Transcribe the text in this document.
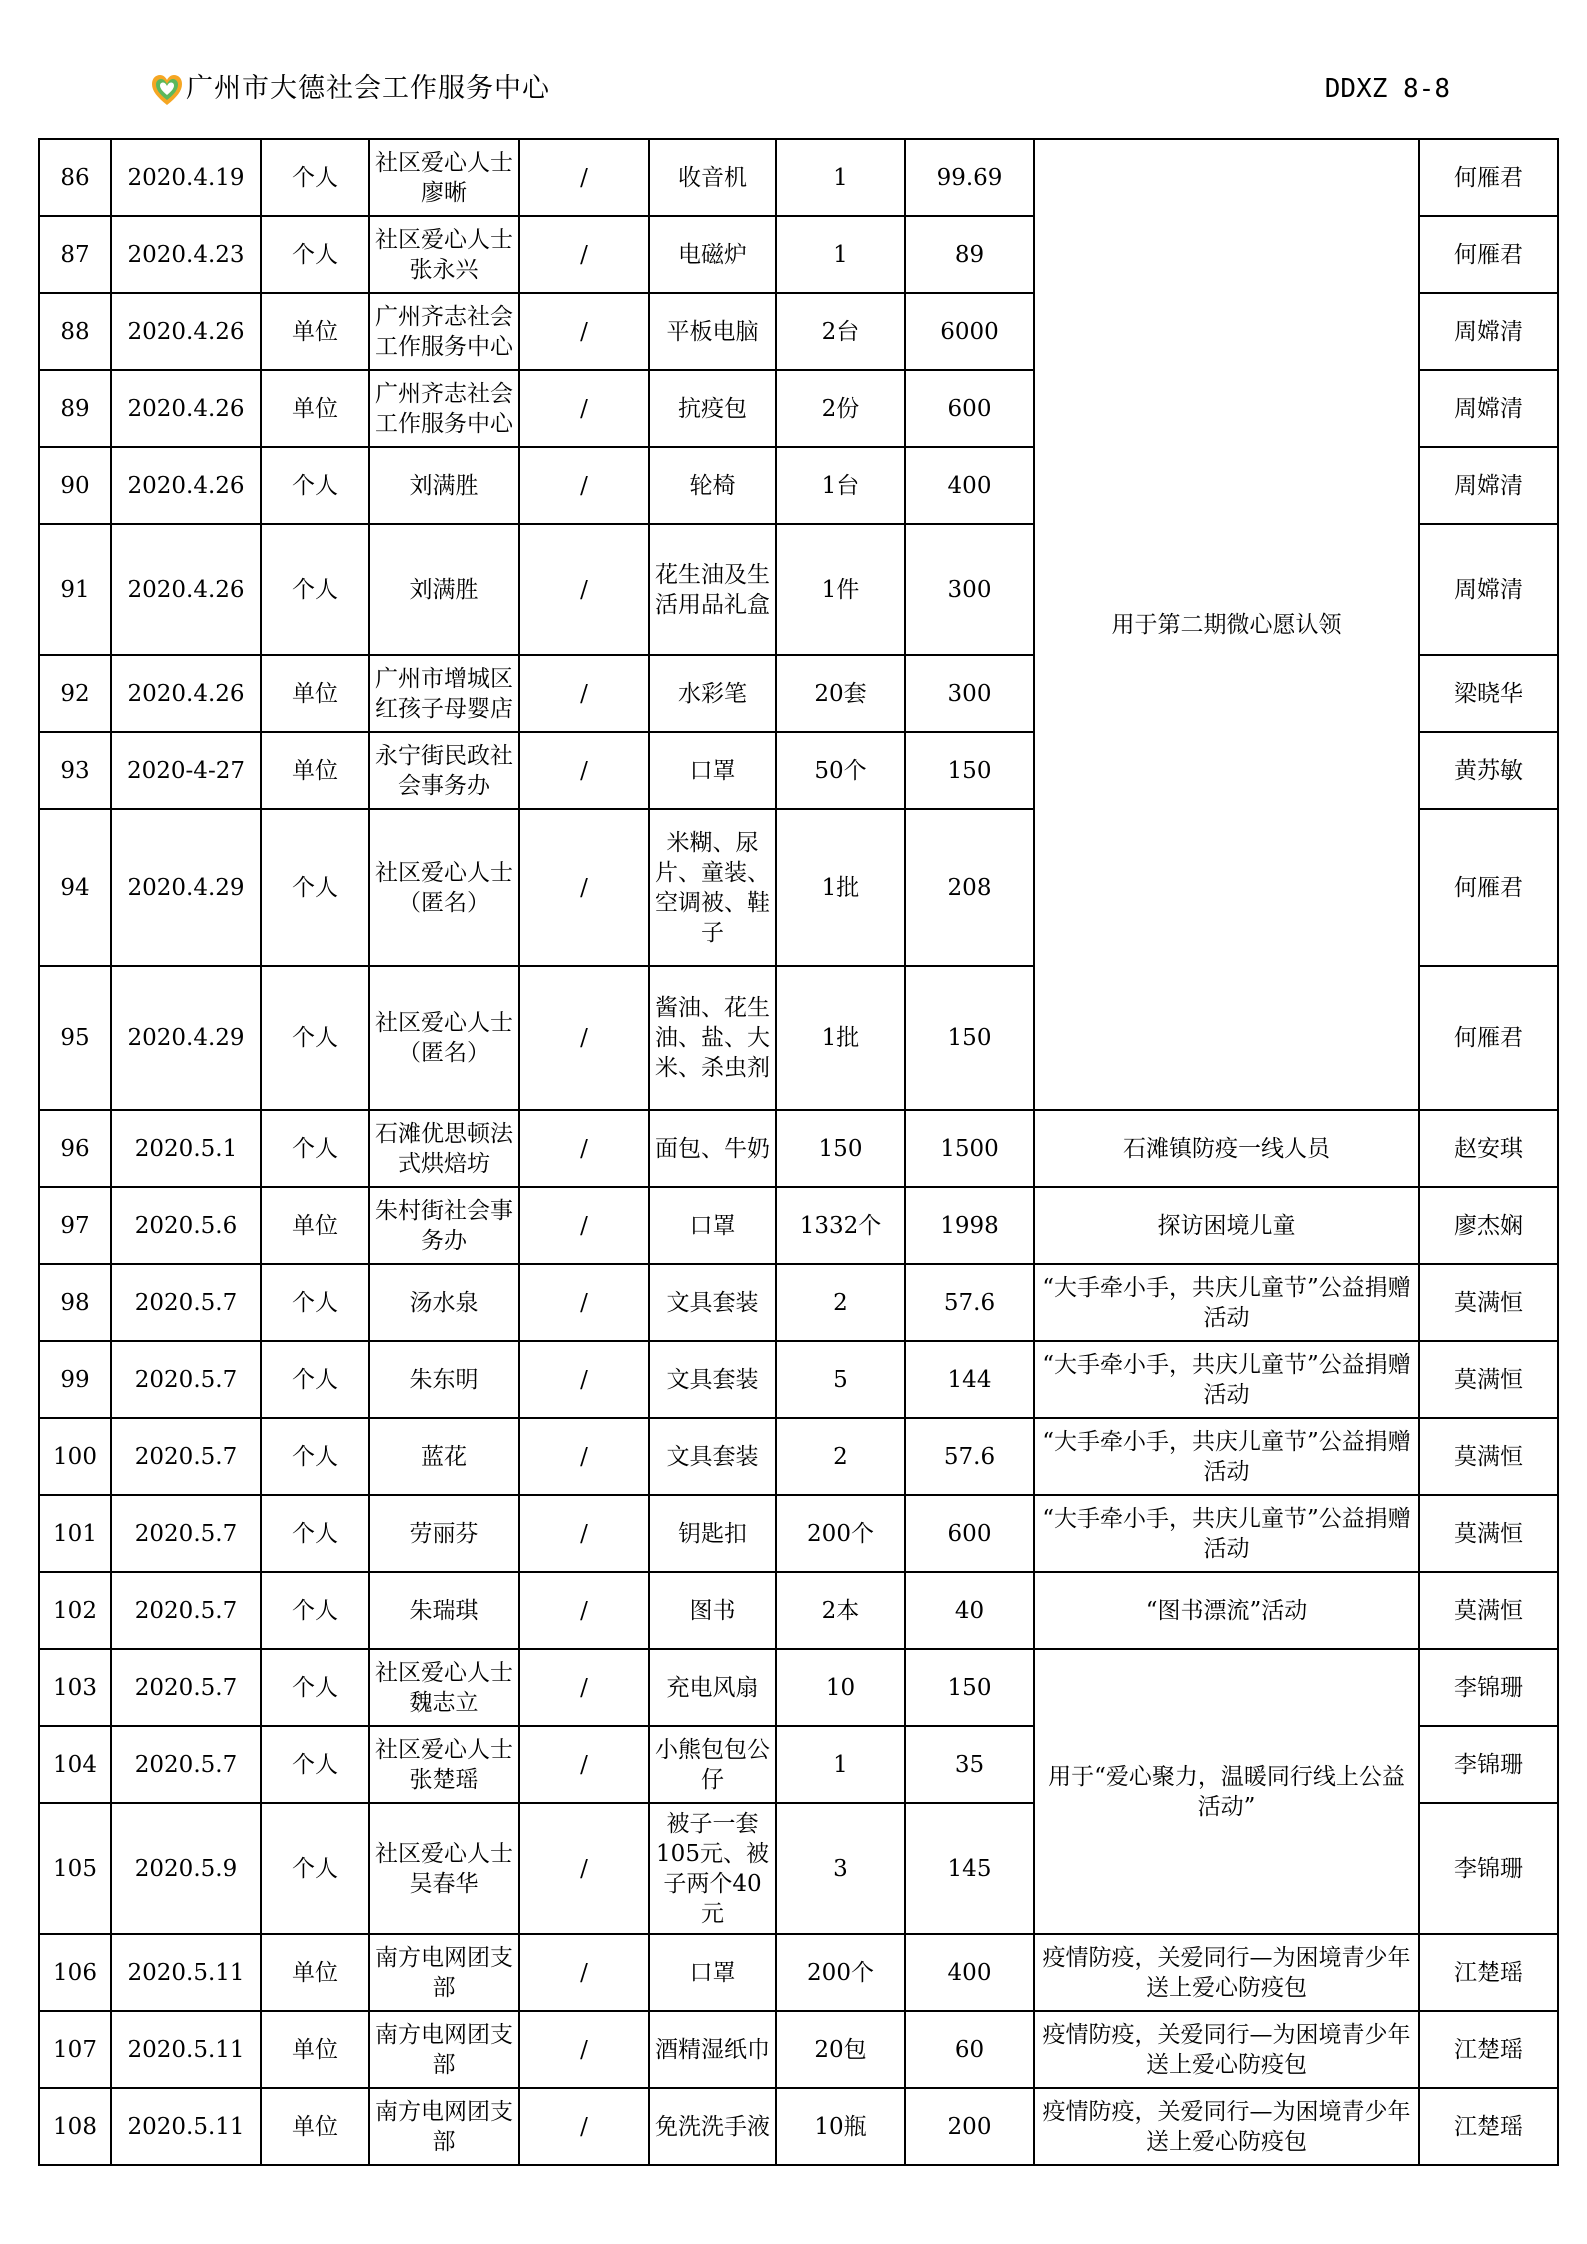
广州市大德社会工作服务中心	DDXZ 8-8
86	2020.4.19	个人	社区爱心人士廖晰	/	收音机	1	99.69	用于第二期微心愿认领	何雁君
87	2020.4.23	个人	社区爱心人士张永兴	/	电磁炉	1	89		何雁君
88	2020.4.26	单位	广州齐志社会工作服务中心	/	平板电脑	2台	6000		周嫦清
89	2020.4.26	单位	广州齐志社会工作服务中心	/	抗疫包	2份	600		周嫦清
90	2020.4.26	个人	刘满胜	/	轮椅	1台	400		周嫦清
91	2020.4.26	个人	刘满胜	/	花生油及生活用品礼盒	1件	300		周嫦清
92	2020.4.26	单位	广州市增城区红孩子母婴店	/	水彩笔	20套	300		梁晓华
93	2020-4-27	单位	永宁街民政社会事务办	/	口罩	50个	150		黄苏敏
94	2020.4.29	个人	社区爱心人士（匿名）	/	米糊、尿片、童装、空调被、鞋子	1批	208		何雁君
95	2020.4.29	个人	社区爱心人士（匿名）	/	酱油、花生油、盐、大米、杀虫剂	1批	150		何雁君
96	2020.5.1	个人	石滩优思顿法式烘焙坊	/	面包、牛奶	150	1500	石滩镇防疫一线人员	赵安琪
97	2020.5.6	单位	朱村街社会事务办	/	口罩	1332个	1998	探访困境儿童	廖杰娴
98	2020.5.7	个人	汤水泉	/	文具套装	2	57.6	“大手牵小手，共庆儿童节”公益捐赠活动	莫满恒
99	2020.5.7	个人	朱东明	/	文具套装	5	144	“大手牵小手，共庆儿童节”公益捐赠活动	莫满恒
100	2020.5.7	个人	蓝花	/	文具套装	2	57.6	“大手牵小手，共庆儿童节”公益捐赠活动	莫满恒
101	2020.5.7	个人	劳丽芬	/	钥匙扣	200个	600	“大手牵小手，共庆儿童节”公益捐赠活动	莫满恒
102	2020.5.7	个人	朱瑞琪	/	图书	2本	40	“图书漂流”活动	莫满恒
103	2020.5.7	个人	社区爱心人士魏志立	/	充电风扇	10	150	用于“爱心聚力，温暖同行线上公益活动”	李锦珊
104	2020.5.7	个人	社区爱心人士张楚瑶	/	小熊包包公仔	1	35		李锦珊
105	2020.5.9	个人	社区爱心人士吴春华	/	被子一套105元、被子两个40元	3	145		李锦珊
106	2020.5.11	单位	南方电网团支部	/	口罩	200个	400	疫情防疫，关爱同行—为困境青少年送上爱心防疫包	江楚瑶
107	2020.5.11	单位	南方电网团支部	/	酒精湿纸巾	20包	60	疫情防疫，关爱同行—为困境青少年送上爱心防疫包	江楚瑶
108	2020.5.11	单位	南方电网团支部	/	免洗洗手液	10瓶	200	疫情防疫，关爱同行—为困境青少年送上爱心防疫包	江楚瑶
